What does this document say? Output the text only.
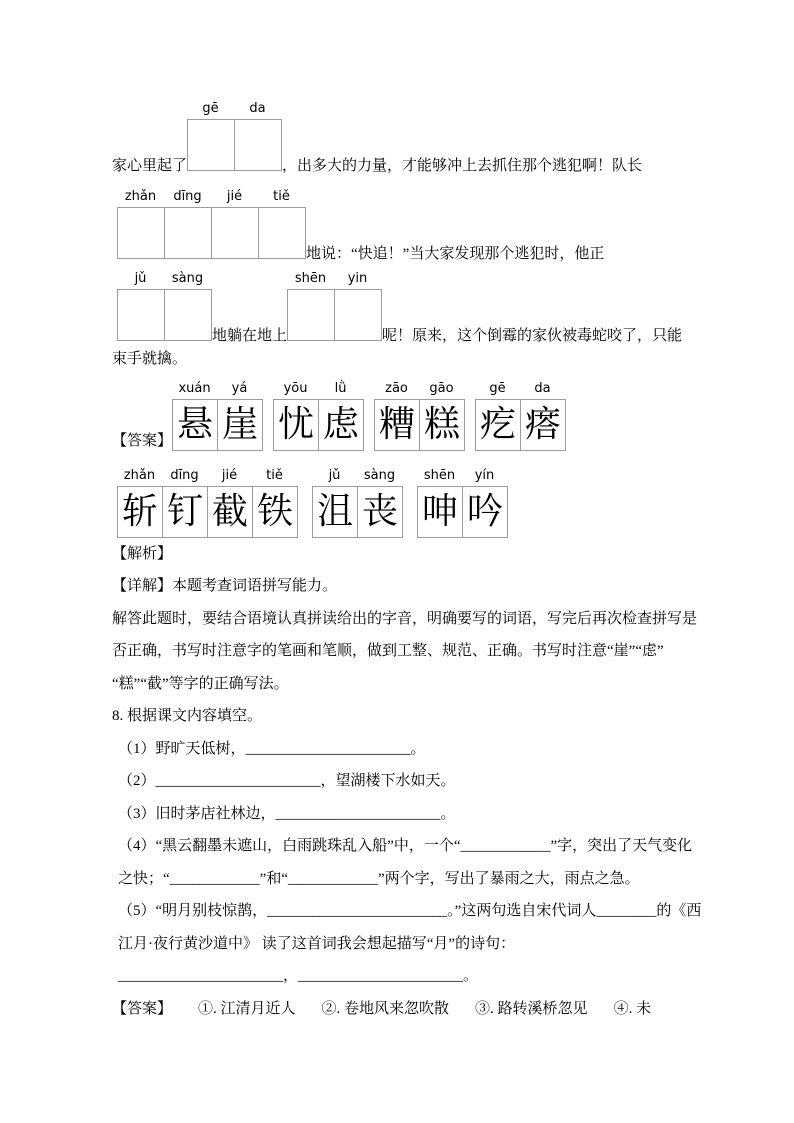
家心里起了
gē	da
，出多大的力量，才能够冲上去抓住那个逃犯啊！队长
zhǎn	dīng	jié	tiě
地说：“快追！”当大家发现那个逃犯时，他正
jǔ	sàng
地躺在地上
shēn	yin
呢！原来，这个倒霉的家伙被毒蛇咬了，只能
束手就擒。
【答案】
xuán	yá
悬 崖
yōu	lǜ
忧 虑
zāo	gāo
糟 糕
gē	da
疙 瘩
zhǎn	dīng	jié	tiě
斩 钉 截 铁
jǔ	sàng
沮 丧
shēn	yín
呻 吟
【解析】
【详解】本题考查词语拼写能力。
解答此题时，要结合语境认真拼读给出的字音，明确要写的词语，写完后再次检查拼写是
否正确，书写时注意字的笔画和笔顺，做到工整、规范、正确。书写时注意“崖”“虑”
“糕”“截”等字的正确写法。
8. 根据课文内容填空。
（1）野旷天低树，______________________。
（2）______________________，望湖楼下水如天。
（3）旧时茅店社林边，______________________。
（4）“黑云翻墨未遮山，白雨跳珠乱入船”中，一个“____________”字，突出了天气变化
之快；“____________”和“____________”两个字，写出了暴雨之大，雨点之急。
（5）“明月别枝惊鹊，________________________。”这两句选自宋代词人________的《西
江月·夜行黄沙道中》 读了这首词我会想起描写“月”的诗句：
______________________，______________________。
【答案】 ①. 江清月近人 ②. 卷地风来忽吹散 ③. 路转溪桥忽见 ④. 未
